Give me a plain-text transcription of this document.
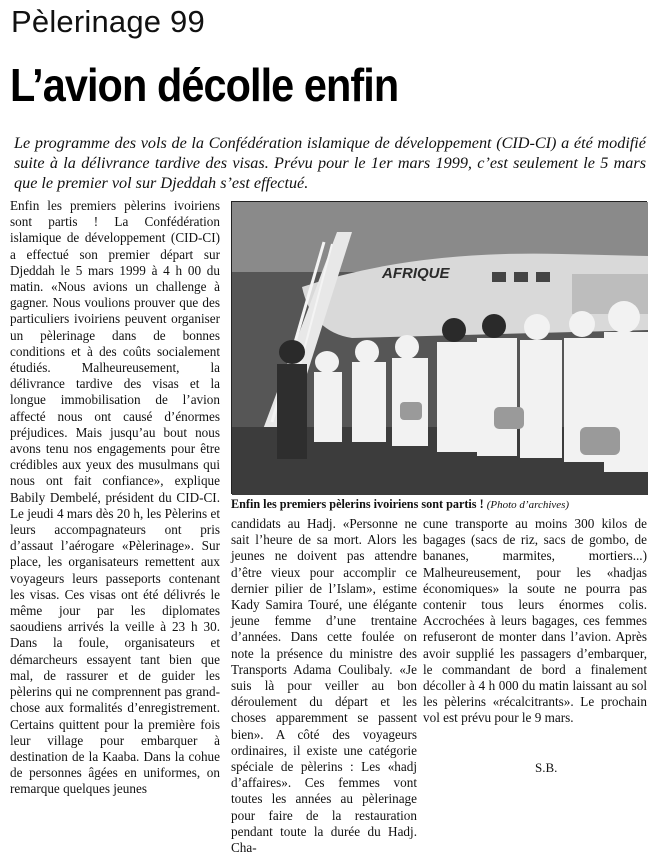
Pèlerinage 99
L’avion décolle enfin

Le programme des vols de la Confédération islamique de développement (CID-CI) a été modifié suite à la délivrance tardive des visas. Prévu pour le 1er mars 1999, c’est seulement le 5 mars que le premier vol sur Djeddah s’est effectué.

Enfin les premiers pèlerins ivoiriens sont partis ! La Confédération islamique de développement (CID-CI) a effectué son premier départ sur Djeddah le 5 mars 1999 à 4 h 00 du matin. «Nous avions un challenge à gagner. Nous voulions prouver que des particuliers ivoiriens peuvent organiser un pèlerinage dans de bonnes conditions et à des coûts socialement étudiés. Malheureusement, la délivrance tardive des visas et la longue immobilisation de l’avion affecté nous ont causé d’énormes préjudices. Mais jusqu’au bout nous avons tenu nos engagements pour être crédibles aux yeux des musulmans qui nous ont fait confiance», explique Babily Dembelé, président du CID-CI. Le jeudi 4 mars dès 20 h, les Pèlerins et leurs accompagnateurs ont pris d’assaut l’aérogare «Pèlerinage». Sur place, les organisateurs remettent aux voyageurs leurs passeports contenant les visas. Ces visas ont été délivrés le même jour par les diplomates saoudiens arrivés la veille à 23 h 30. Dans la foule, organisateurs et démarcheurs essayent tant bien que mal, de rassurer et de guider les pèlerins qui ne comprennent pas grand-chose aux formalités d’enregistrement. Certains quittent pour la première fois leur village pour embarquer à destination de la Kaaba. Dans la cohue de personnes âgées en uniformes, on remarque quelques jeunes

AFRIQUE
Enfin les premiers pèlerins ivoiriens sont partis ! (Photo d’archives)

candidats au Hadj. «Personne ne sait l’heure de sa mort. Alors les jeunes ne doivent pas attendre d’être vieux pour accomplir ce dernier pilier de l’Islam», estime Kady Samira Touré, une élégante jeune femme d’une trentaine d’années. Dans cette foulée on note la présence du ministre des Transports Adama Coulibaly. «Je suis là pour veiller au bon déroulement du départ et les choses apparemment se passent bien». A côté des voyageurs ordinaires, il existe une catégorie spéciale de pèlerins : Les «hadj d’affaires». Ces femmes vont toutes les années au pèlerinage pour faire de la restauration pendant toute la durée du Hadj. Cha-

cune transporte au moins 300 kilos de bagages (sacs de riz, sacs de gombo, de bananes, marmites, mortiers...) Malheureusement, pour les «hadjas économiques» la soute ne pourra pas contenir tous leurs énormes colis. Accrochées à leurs bagages, ces femmes refuseront de monter dans l’avion. Après avoir supplié les passagers d’embarquer, le commandant de bord a finalement décoller à 4 h 000 du matin laissant au sol les pèlerins «récalcitrants». Le prochain vol est prévu pour le 9 mars.

S.B.
